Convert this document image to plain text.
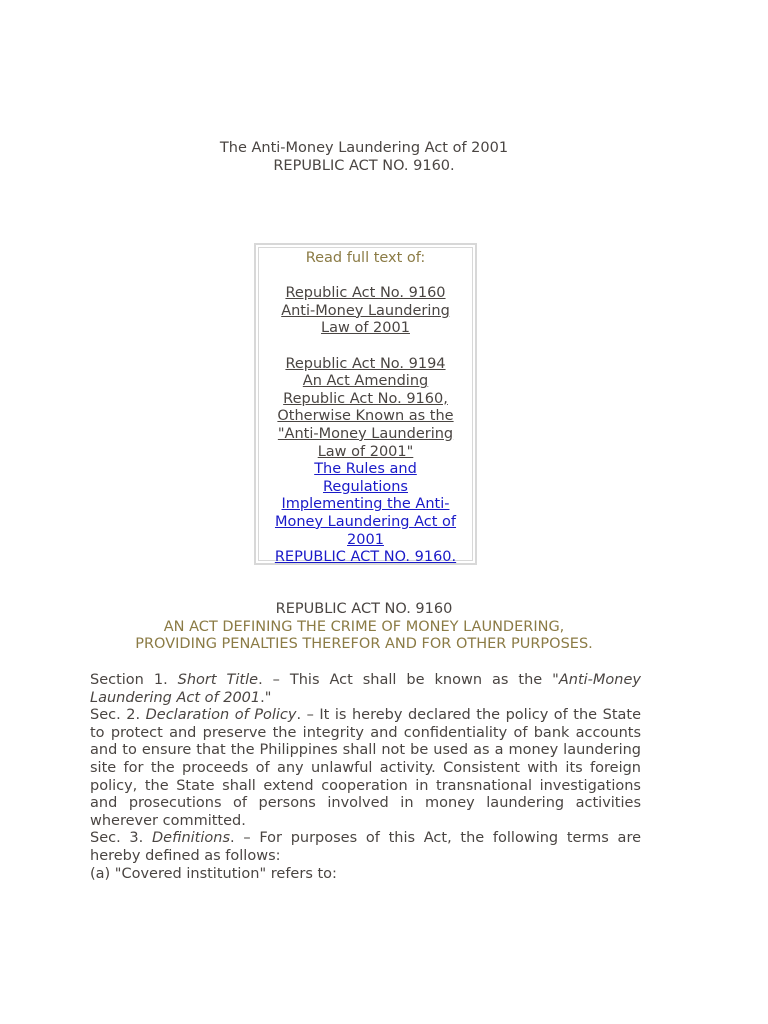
The Anti-Money Laundering Act of 2001
REPUBLIC ACT NO. 9160.
Read full text of:
Republic Act No. 9160
Anti-Money Laundering
Law of 2001
Republic Act No. 9194
An Act Amending
Republic Act No. 9160,
Otherwise Known as the
"Anti-Money Laundering
Law of 2001"
The Rules and
Regulations
Implementing the Anti-
Money Laundering Act of
2001
REPUBLIC ACT NO. 9160.
REPUBLIC ACT NO. 9160
AN ACT DEFINING THE CRIME OF MONEY LAUNDERING,
PROVIDING PENALTIES THEREFOR AND FOR OTHER PURPOSES.

Section 1. Short Title. – This Act shall be known as the "Anti-Money Laundering Act of 2001."

Sec. 2. Declaration of Policy. – It is hereby declared the policy of the State to protect and preserve the integrity and confidentiality of bank accounts and to ensure that the Philippines shall not be used as a money laundering site for the proceeds of any unlawful activity. Consistent with its foreign policy, the State shall extend cooperation in transnational investigations and prosecutions of persons involved in money laundering activities wherever committed.

Sec. 3. Definitions. – For purposes of this Act, the following terms are hereby defined as follows:

(a) "Covered institution" refers to:
